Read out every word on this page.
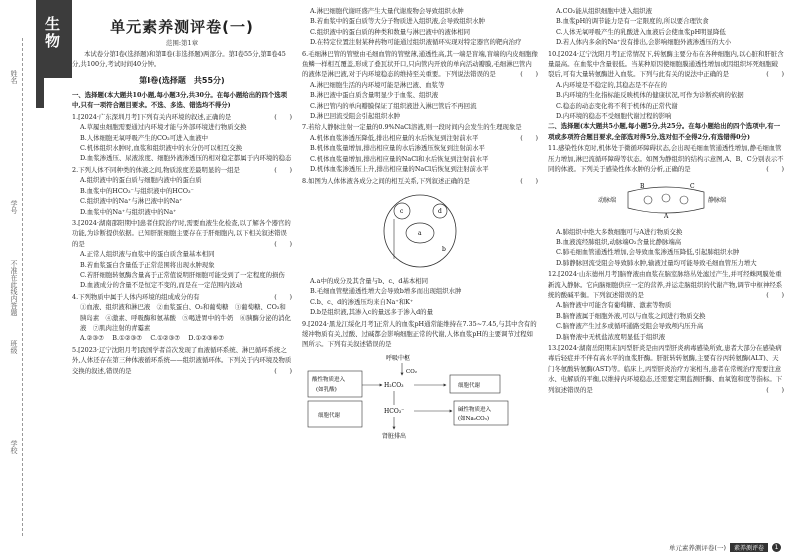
姓名
学号
不准在此线内答题
班级
学校
生物	单元素养测评卷(一)
范围:第1章

本试卷分第Ⅰ卷(选择题)和第Ⅱ卷(非选择题)两部分。第Ⅰ卷55分,第Ⅱ卷45分,共100分,考试时间40分钟。

第Ⅰ卷(选择题　共55分)

一、选择题(本大题共10小题,每小题3分,共30分。在每小题给出的四个选项中,只有一项符合题目要求。不选、多选、错选均不得分)

1.[2024·广东深圳月考]下列有关内环境的叙述,正确的是	(　　)

A.草履虫细胞需要通过内环境才能与外部环境进行物质交换

B.人体细胞无氧呼吸产生的CO₂可进入血液中

C.机体组织水肿时,血浆和组织液中的水分仍可以相互交换

D.血浆渗透压、尿液浓度、细胞外液渗透压的相对稳定都属于内环境的稳态

2.下列人体不同种类的体液之间,物质浓度差最明显的一组是	(　　)

A.组织液中的蛋白质与细胞内液中的蛋白质

B.血浆中的HCO₃⁻与组织液中的HCO₃⁻

C.组织液中的Na⁺与淋巴液中的Na⁺

D.血浆中的Na⁺与组织液中的Na⁺

3.[2024·湖南邵阳期中]患者住院治疗时,需要血液生化检查,以了解各个器官的功能,为诊断提供依据。已知肝脏细胞主要存在于肝细胞内,以下相关叙述错误的是	(　　)

A.正常人组织液与血浆中的蛋白质含量基本相同

B.若血浆蛋白含量低于正常范围将出现水肿现象

C.若肝细胞转氨酶含量高于正常值说明肝细胞可能受到了一定程度的损伤

D.血液成分的含量不是恒定不变的,而是在一定范围内波动

4.下列物质中属于人体内环境的组成成分的有	(　　)

①血液、组织液和淋巴液　②血浆蛋白、O₂和葡萄糖　③葡萄糖、CO₂和胰岛素　④激素、呼吸酶和氨基酸　⑤喝进胃中的牛奶　⑥胰酶分泌的消化液　⑦肌肉注射的青霉素

A.②③⑦　 B.①②③⑦　 C.①②③⑦　 D.①②③⑥⑦

5.[2023·辽宁沈阳月考]我国学者首次发现了血液循环系统、淋巴循环系统之外,人体还存在第三种体液循环系统——组织液循环体。下列关于内环境及物质交换的叙述,错误的是	(　　)

A.淋巴细胞代谢旺盛产生大量代谢废物会导致组织水肿

B.若血浆中的蛋白质等大分子物质进入组织液,会导致组织水肿

C.组织液中的蛋白质的种类和数量与淋巴液中的液体相同

D.在特定位置注射某种药物可能通过组织液循环实现对特定器官的靶向治疗

6.毛细淋巴管的管壁由毛细血管的管壁薄,通透性高,其一端是盲端,盲端的内皮细胞像鱼鳞一样相互覆盖,形成了叠瓦状开口,只向管内开放的单向活动瓣膜,毛细淋巴管内的液体是淋巴液,对于内环境稳态的维持至关重要。下列说法错误的是	(　　)

A.淋巴细胞生活的内环境可能是淋巴液、血浆等

B.淋巴液中蛋白质含量明显少于血浆、组织液

C.淋巴管内的单向瓣膜保证了组织液进入淋巴管后不再回流

D.淋巴回流受阻会引起组织水肿

7.若给人静脉注射一定量的0.9%NaCl溶液,则一段时间内会发生的生理现象是
(　　)

A.机体血浆渗透压降低,排出相应量的水后恢复到注射前水平

B.机体血浆量增加,排出相应量的水后渗透压恢复到注射前水平

C.机体血浆量增加,排出相应量的NaCl和水后恢复到注射前水平

D.机体血浆渗透压上升,排出相应量的NaCl后恢复到注射前水平

8.如图为人体体液各成分之间的相互关系,下列叙述正确的是	(　　)

a
b
c	d

A.a中的成分及其含量与b、c、d基本相同

B.毛细血管壁通透性增大会导致b增多而出现组织水肿

C.b、c、d的渗透压均来自Na⁺和K⁺

D.b是组织液,其渗入c的量远多于渗入d的量

9.[2024·黑龙江绥化月考]正常人的血浆pH通常能维持在7.35~7.45,与其中含有的缓冲物质有关,过酸、过碱都会影响细胞正常的代谢,人体血浆pH的主要调节过程如图所示。下列有关叙述错误的是

呼吸中枢
CO₂
酸性物质进入
(如乳酸)
细胞代谢
H₂CO₃
HCO₃⁻
细胞代谢
碱性物质进入
(如Na₂CO₃)
肾脏排出

A.CO₂能从组织细胞中进入组织液

B.血浆pH的调节能力是有一定限度的,所以要合理饮食

C.人体无氧呼吸产生的乳酸进入血液后会使血浆pH明显降低

D.若人体内多余的Na⁺没有排出,会影响细胞外液渗透压的大小

10.[2024·辽宁沈阳月考]正常情况下,转氨酶主要分布在各种细胞内,以心脏和肝脏含量最高。在血浆中含量很低。当某种原因使细胞膜通透性增加或因组织坏死细胞破裂后,可有大量转氨酶进入血浆。下列与此有关的说法中正确的是	(　　)

A.内环境是不稳定的,其稳态是不存在的

B.内环境的生化指标能反映机体的健康状况,可作为诊断疾病的依据

C.稳态的动态变化将不利于机体的正常代谢

D.内环境的稳态不受细胞代谢过程的影响

二、选择题(本大题共5小题,每小题5分,共25分。在每小题给出的四个选项中,有一项或多项符合题目要求,全部选对得5分,选对但不全得2分,有选错得0分)

11.感染性休克时,机体处于微循环障碍状态,会出现毛细血管通透性增加,静毛细血管压力增加,淋巴流循环障碍等状态。如图为静组织的结构示意图,A、B、C分别表示不同的体液。下列关于感染性体水肿的分析,正确的是	(　　)

动脉端
A
B	C
静脉端

A.肺组织中绝大多数细胞可与A进行物质交换

B.血液流经肺组织,动脉端O₂含量比静脉端高

C.肺毛细血管通透性增加,会导致血浆渗透压降低,引起肺组织水肿

D.肺静脉回流受阻会导致肺水肿,输液过量均可能导致毛细血管压力增大

12.[2024·山东德州月考]脑脊液由血浆在脑室脉络丛处滤过产生,并可经蛛网膜处重新流入静脉。它向脑细胞供应一定的营养,并运走脑组织的代谢产物,调节中枢神经系统的酸碱平衡。下列叙述错误的是	(　　)

A.脑脊液中可能含有葡萄糖、激素等物质

B.脑脊液属于细胞外液,可以与血浆之间进行物质交换

C.脑脊液产生过多或循环通路受阻会导致颅内压升高

D.脑脊液中无机盐浓度明显低于组织液

13.[2024·湖南岳阳期末]丙型肝炎是由丙型肝炎病毒感染所致,患者大部分在感染病毒后轻症并不伴有高水平的血浆肝酶。肝脏转转氨酶,主要有谷丙转氨酶(ALT)、天门冬氨酸转氨酶(AST)等。临床上,丙型肝炎治疗方案相当,患者在常规治疗需要注意水、电解质的平衡,以维持内环境稳态,还需要定期监测肝酶、血氧饱和度等指标。下列叙述错误的是	(　　)

单元素养测评卷(一)	素养测评卷	1
